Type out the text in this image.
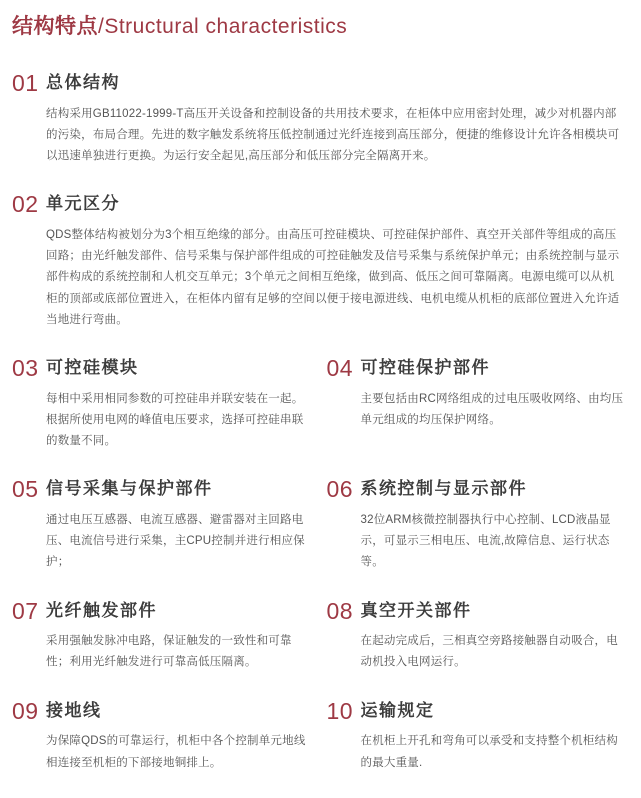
结构特点/Structural characteristics
01 总体结构

结构采用GB11022-1999-T高压开关设备和控制设备的共用技术要求，在柜体中应用密封处理，减少对机器内部的污染，布局合理。先进的数字触发系统将压低控制通过光纤连接到高压部分，便捷的维修设计允许各相模块可以迅速单独进行更换。为运行安全起见,高压部分和低压部分完全隔离开来。

02 单元区分

QDS整体结构被划分为3个相互绝缘的部分。由高压可控硅模块、可控硅保护部件、真空开关部件等组成的高压回路；由光纤触发部件、信号采集与保护部件组成的可控硅触发及信号采集与系统保护单元；由系统控制与显示部件构成的系统控制和人机交互单元；3个单元之间相互绝缘，做到高、低压之间可靠隔离。电源电缆可以从机柜的顶部或底部位置进入，在柜体内留有足够的空间以便于接电源进线、电机电缆从机柜的底部位置进入允许适当地进行弯曲。

03 可控硅模块

每相中采用相同参数的可控硅串并联安装在一起。根据所使用电网的峰值电压要求，选择可控硅串联的数量不同。

04 可控硅保护部件

主要包括由RC网络组成的过电压吸收网络、由均压单元组成的均压保护网络。

05 信号采集与保护部件

通过电压互感器、电流互感器、避雷器对主回路电压、电流信号进行采集，主CPU控制并进行相应保护；

06 系统控制与显示部件

32位ARM核微控制器执行中心控制、LCD液晶显示，可显示三相电压、电流,故障信息、运行状态等。

07 光纤触发部件

采用强触发脉冲电路，保证触发的一致性和可靠性；利用光纤触发进行可靠高低压隔离。

08 真空开关部件

在起动完成后，三相真空旁路接触器自动吸合，电动机投入电网运行。

09 接地线

为保障QDS的可靠运行，机柜中各个控制单元地线相连接至机柜的下部接地铜排上。

10 运输规定

在机柜上开孔和弯角可以承受和支持整个机柜结构的最大重量.
